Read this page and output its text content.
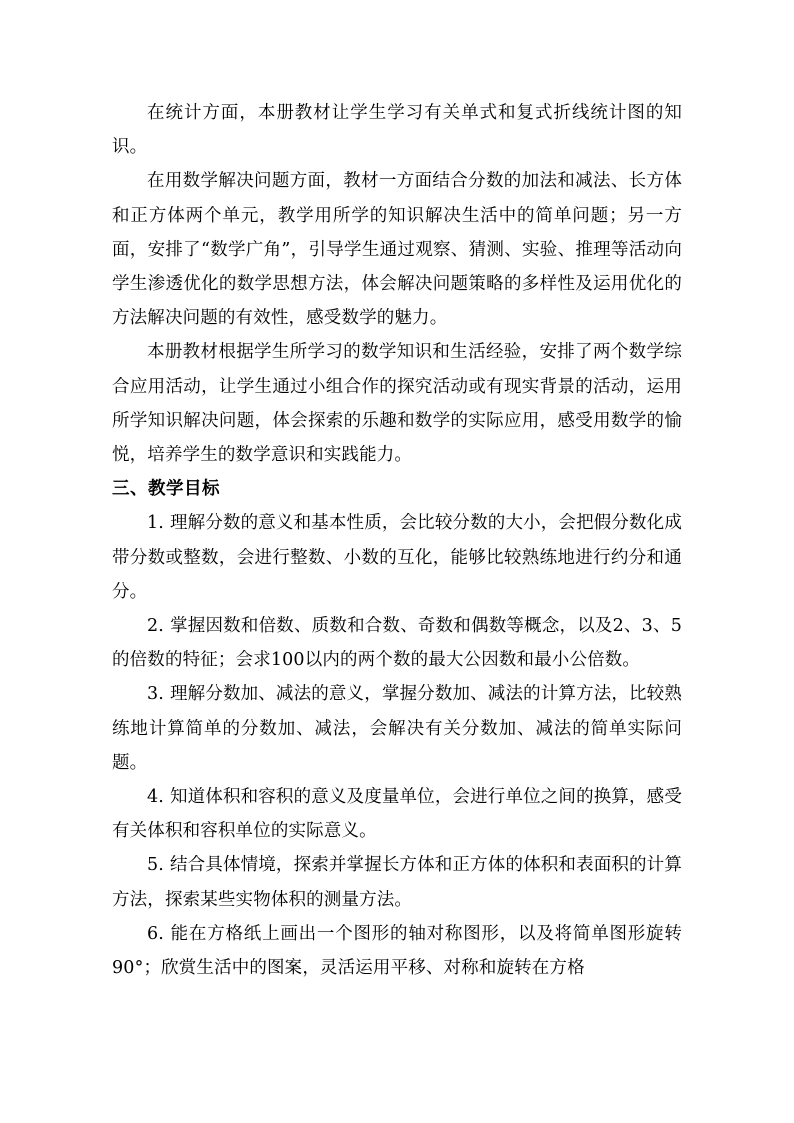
在统计方面，本册教材让学生学习有关单式和复式折线统计图的知识。

在用数学解决问题方面，教材一方面结合分数的加法和减法、长方体和正方体两个单元，教学用所学的知识解决生活中的简单问题；另一方面，安排了“数学广角”，引导学生通过观察、猜测、实验、推理等活动向学生渗透优化的数学思想方法，体会解决问题策略的多样性及运用优化的方法解决问题的有效性，感受数学的魅力。

本册教材根据学生所学习的数学知识和生活经验，安排了两个数学综合应用活动，让学生通过小组合作的探究活动或有现实背景的活动，运用所学知识解决问题，体会探索的乐趣和数学的实际应用，感受用数学的愉悦，培养学生的数学意识和实践能力。

三、教学目标

1. 理解分数的意义和基本性质，会比较分数的大小，会把假分数化成带分数或整数，会进行整数、小数的互化，能够比较熟练地进行约分和通分。

2. 掌握因数和倍数、质数和合数、奇数和偶数等概念，以及2、3、5的倍数的特征；会求100以内的两个数的最大公因数和最小公倍数。

3. 理解分数加、减法的意义，掌握分数加、减法的计算方法，比较熟练地计算简单的分数加、减法，会解决有关分数加、减法的简单实际问题。

4. 知道体积和容积的意义及度量单位，会进行单位之间的换算，感受有关体积和容积单位的实际意义。

5. 结合具体情境，探索并掌握长方体和正方体的体积和表面积的计算方法，探索某些实物体积的测量方法。

6. 能在方格纸上画出一个图形的轴对称图形，以及将简单图形旋转90°；欣赏生活中的图案，灵活运用平移、对称和旋转在方格
